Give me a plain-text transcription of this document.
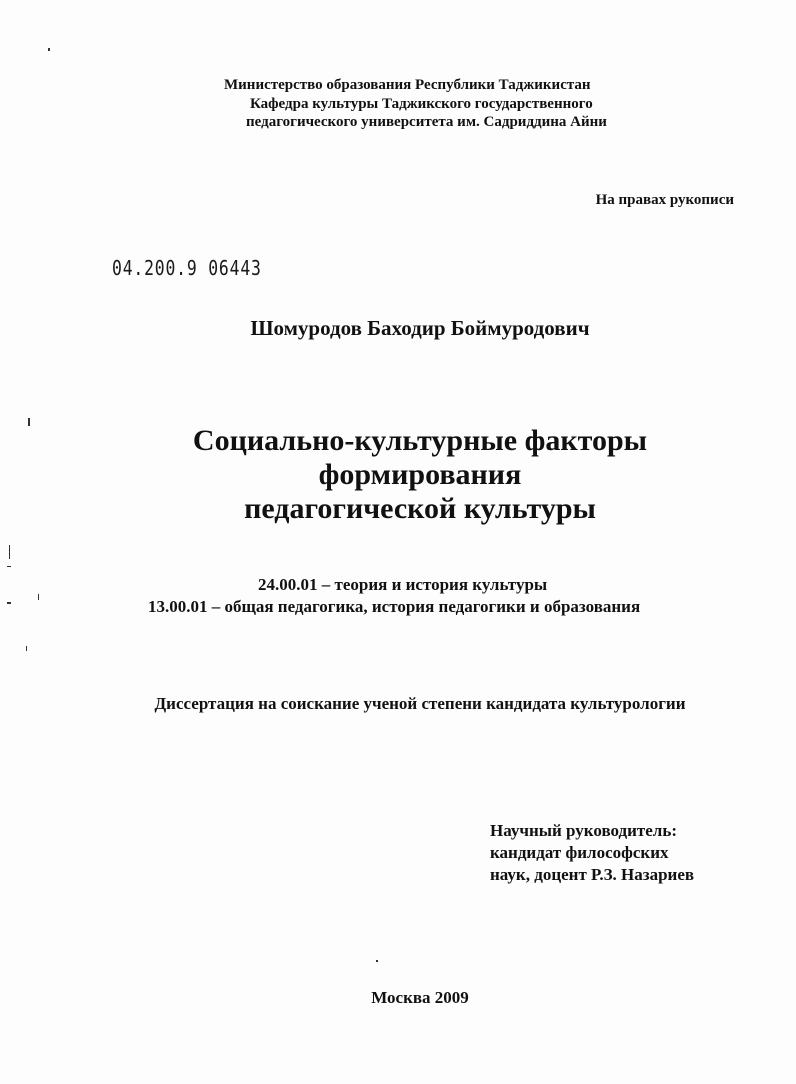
Министерство образования Республики Таджикистан
Кафедра культуры Таджикского государственного
педагогического университета им. Садриддина Айни
На правах рукописи
04.200.9 06443
Шомуродов Баходир Боймуродович
Социально-культурные факторы
формирования
педагогической культуры
24.00.01 – теория и история культуры
13.00.01 – общая педагогика, история педагогики и образования
Диссертация на соискание ученой степени кандидата культурологии
Научный руководитель:
кандидат философских
наук, доцент Р.З. Назариев
Москва 2009
